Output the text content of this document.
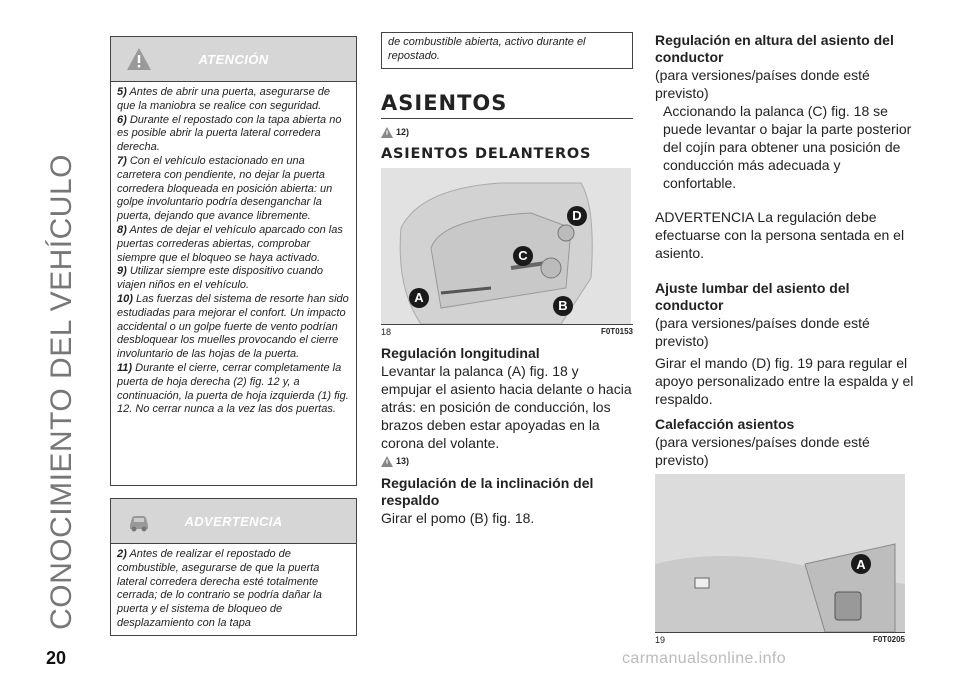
CONOCIMIENTO DEL VEHÍCULO
ATENCIÓN

5) Antes de abrir una puerta, asegurarse de que la maniobra se realice con seguridad.

6) Durante el repostado con la tapa abierta no es posible abrir la puerta lateral corredera derecha.

7) Con el vehículo estacionado en una carretera con pendiente, no dejar la puerta corredera bloqueada en posición abierta: un golpe involuntario podría desenganchar la puerta, dejando que avance libremente.

8) Antes de dejar el vehículo aparcado con las puertas correderas abiertas, comprobar siempre que el bloqueo se haya activado.

9) Utilizar siempre este dispositivo cuando viajen niños en el vehículo.

10) Las fuerzas del sistema de resorte han sido estudiadas para mejorar el confort. Un impacto accidental o un golpe fuerte de vento podrían desbloquear los muelles provocando el cierre involuntario de las hojas de la puerta.

11) Durante el cierre, cerrar completamente la puerta de hoja derecha (2) fig. 12 y, a continuación, la puerta de hoja izquierda (1) fig. 12. No cerrar nunca a la vez las dos puertas.

ADVERTENCIA

2) Antes de realizar el repostado de combustible, asegurarse de que la puerta lateral corredera derecha esté totalmente cerrada; de lo contrario se podría dañar la puerta y el sistema de bloqueo de desplazamiento con la tapa

de combustible abierta, activo durante el repostado.

ASIENTOS
12)
ASIENTOS DELANTEROS
D
C
A
B
18	F0T0153
Regulación longitudinal

Levantar la palanca (A) fig. 18 y empujar el asiento hacia delante o hacia atrás: en posición de conducción, los brazos deben estar apoyadas en la corona del volante.

13)
Regulación de la inclinación del respaldo

Girar el pomo (B) fig. 18.

Regulación en altura del asiento del conductor

(para versiones/países donde esté previsto)

Accionando la palanca (C) fig. 18 se puede levantar o bajar la parte posterior del cojín para obtener una posición de conducción más adecuada y confortable.

ADVERTENCIA La regulación debe efectuarse con la persona sentada en el asiento.

Ajuste lumbar del asiento del conductor

(para versiones/países donde esté previsto)

Girar el mando (D) fig. 19 para regular el apoyo personalizado entre la espalda y el respaldo.

Calefacción asientos

(para versiones/países donde esté previsto)

A
19	F0T0205
20	carmanualsonline.info
